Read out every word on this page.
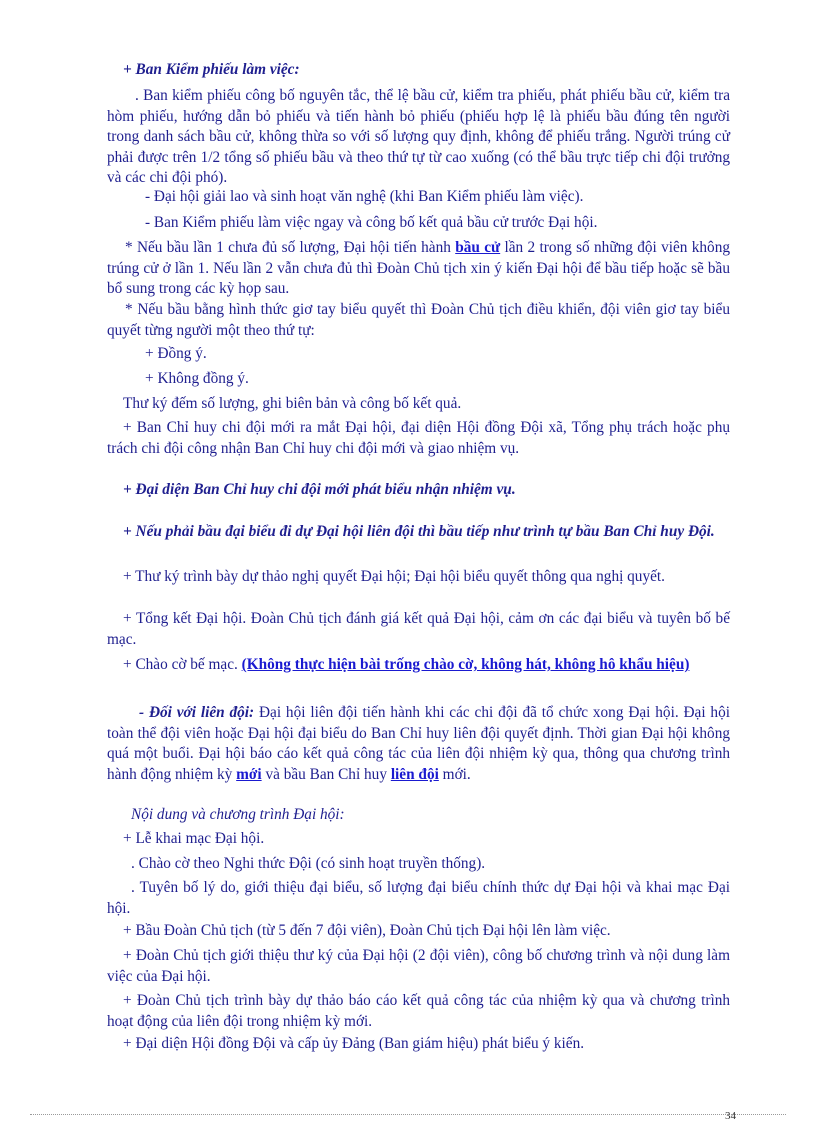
+ Ban Kiểm phiếu làm việc:

. Ban kiểm phiếu công bố nguyên tắc, thể lệ bầu cử, kiểm tra phiếu, phát phiếu bầu cử, kiểm tra hòm phiếu, hướng dẫn bỏ phiếu và tiến hành bỏ phiếu (phiếu hợp lệ là phiếu bầu đúng tên người trong danh sách bầu cử, không thừa so với số lượng quy định, không để phiếu trắng. Người trúng cử phải được trên 1/2 tổng số phiếu bầu và theo thứ tự từ cao xuống (có thể bầu trực tiếp chi đội trưởng và các chi đội phó).

- Đại hội giải lao và sinh hoạt văn nghệ (khi Ban Kiểm phiếu làm việc).

- Ban Kiểm phiếu làm việc ngay và công bố kết quả bầu cử trước Đại hội.

* Nếu bầu lần 1 chưa đủ số lượng, Đại hội tiến hành bầu cử lần 2 trong số những đội viên không trúng cử ở lần 1. Nếu lần 2 vẫn chưa đủ thì Đoàn Chủ tịch xin ý kiến Đại hội để bầu tiếp hoặc sẽ bầu bổ sung trong các kỳ họp sau.

* Nếu bầu bằng hình thức giơ tay biểu quyết thì Đoàn Chủ tịch điều khiển, đội viên giơ tay biểu quyết từng người một theo thứ tự:

+ Đồng ý.

+ Không đồng ý.

Thư ký đếm số lượng, ghi biên bản và công bố kết quả.

+ Ban Chỉ huy chi đội mới ra mắt Đại hội, đại diện Hội đồng Đội xã, Tổng phụ trách hoặc phụ trách chi đội công nhận Ban Chỉ huy chi đội mới và giao nhiệm vụ.

+ Đại diện Ban Chỉ huy chi đội mới phát biểu nhận nhiệm vụ.

+ Nếu phải bầu đại biểu đi dự Đại hội liên đội thì bầu tiếp như trình tự bầu Ban Chỉ huy Đội.

+ Thư ký trình bày dự thảo nghị quyết Đại hội; Đại hội biểu quyết thông qua nghị quyết.

+ Tổng kết Đại hội. Đoàn Chủ tịch đánh giá kết quả Đại hội, cảm ơn các đại biểu và tuyên bố bế mạc.

+ Chào cờ bế mạc. (Không thực hiện bài trống chào cờ, không hát, không hô khẩu hiệu)

- Đối với liên đội: Đại hội liên đội tiến hành khi các chi đội đã tổ chức xong Đại hội. Đại hội toàn thể đội viên hoặc Đại hội đại biểu do Ban Chỉ huy liên đội quyết định. Thời gian Đại hội không quá một buổi. Đại hội báo cáo kết quả công tác của liên đội nhiệm kỳ qua, thông qua chương trình hành động nhiệm kỳ mới và bầu Ban Chỉ huy liên đội mới.

Nội dung và chương trình Đại hội:

+ Lễ khai mạc Đại hội.

. Chào cờ theo Nghi thức Đội (có sinh hoạt truyền thống).

. Tuyên bố lý do, giới thiệu đại biểu, số lượng đại biểu chính thức dự Đại hội và khai mạc Đại hội.

+ Bầu Đoàn Chủ tịch (từ 5 đến 7 đội viên), Đoàn Chủ tịch Đại hội lên làm việc.

+ Đoàn Chủ tịch giới thiệu thư ký của Đại hội (2 đội viên), công bố chương trình và nội dung làm việc của Đại hội.

+ Đoàn Chủ tịch trình bày dự thảo báo cáo kết quả công tác của nhiệm kỳ qua và chương trình hoạt động của liên đội trong nhiệm kỳ mới.

+ Đại diện Hội đồng Đội và cấp ủy Đảng (Ban giám hiệu) phát biểu ý kiến.

34
